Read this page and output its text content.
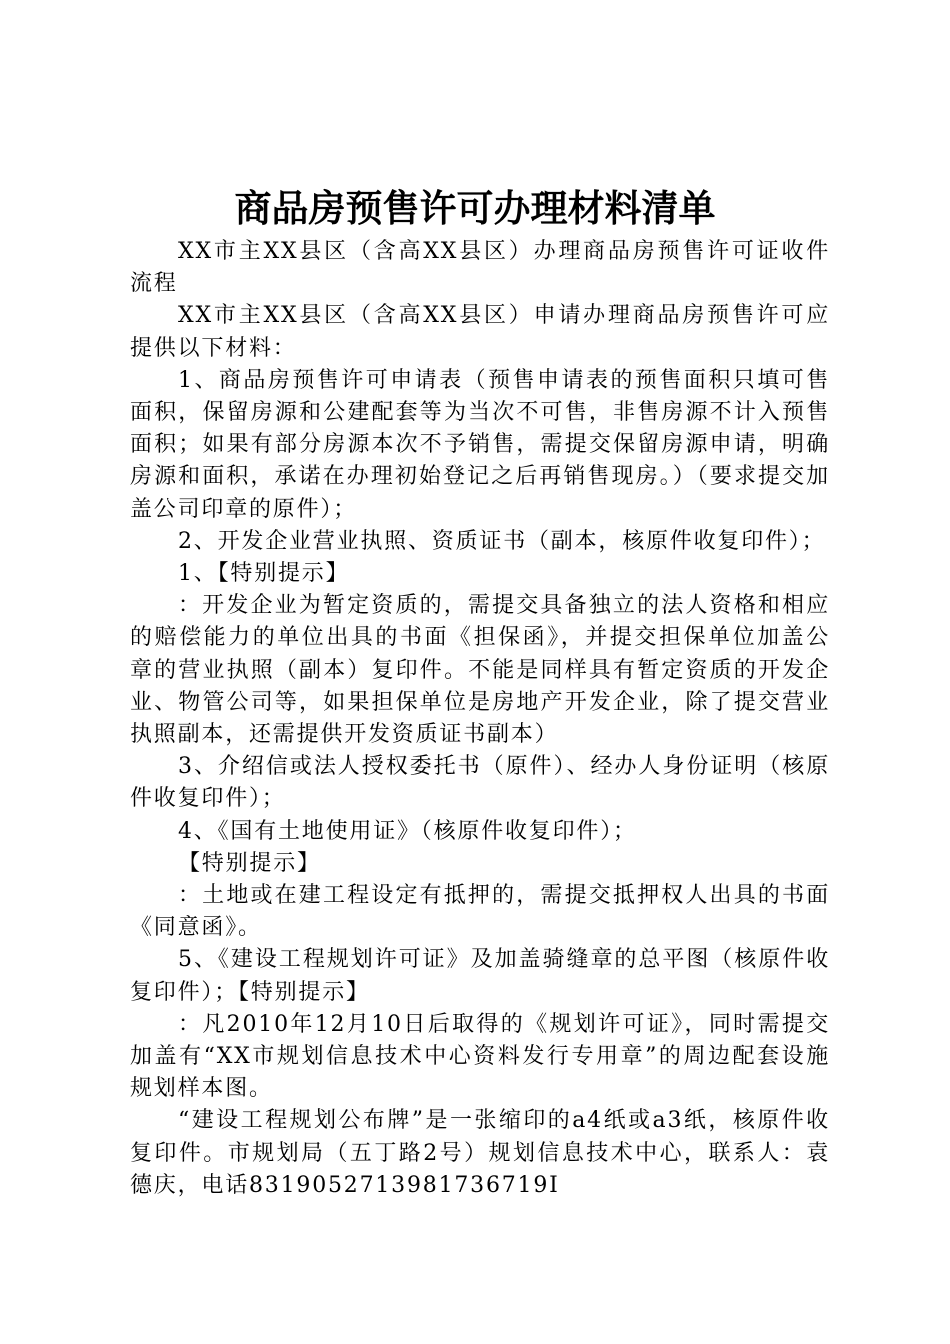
商品房预售许可办理材料清单

XX市主XX县区（含高XX县区）办理商品房预售许可证收件流程

XX市主XX县区（含高XX县区）申请办理商品房预售许可应提供以下材料：

1、商品房预售许可申请表（预售申请表的预售面积只填可售面积，保留房源和公建配套等为当次不可售，非售房源不计入预售面积；如果有部分房源本次不予销售，需提交保留房源申请，明确房源和面积，承诺在办理初始登记之后再销售现房。）（要求提交加盖公司印章的原件）；

2、开发企业营业执照、资质证书（副本，核原件收复印件）；

1、【特别提示】

：开发企业为暂定资质的，需提交具备独立的法人资格和相应的赔偿能力的单位出具的书面《担保函》，并提交担保单位加盖公章的营业执照（副本）复印件。不能是同样具有暂定资质的开发企业、物管公司等，如果担保单位是房地产开发企业，除了提交营业执照副本，还需提供开发资质证书副本）

3、介绍信或法人授权委托书（原件）、经办人身份证明（核原件收复印件）；

4、《国有土地使用证》（核原件收复印件）；

【特别提示】

：土地或在建工程设定有抵押的，需提交抵押权人出具的书面《同意函》。

5、《建设工程规划许可证》及加盖骑缝章的总平图（核原件收复印件）；【特别提示】

：凡2010年12月10日后取得的《规划许可证》，同时需提交加盖有“XX市规划信息技术中心资料发行专用章”的周边配套设施规划样本图。

“建设工程规划公布牌”是一张缩印的a4纸或a3纸，核原件收复印件。市规划局（五丁路2号）规划信息技术中心，联系人：袁德庆，电话8319052713981736719I
